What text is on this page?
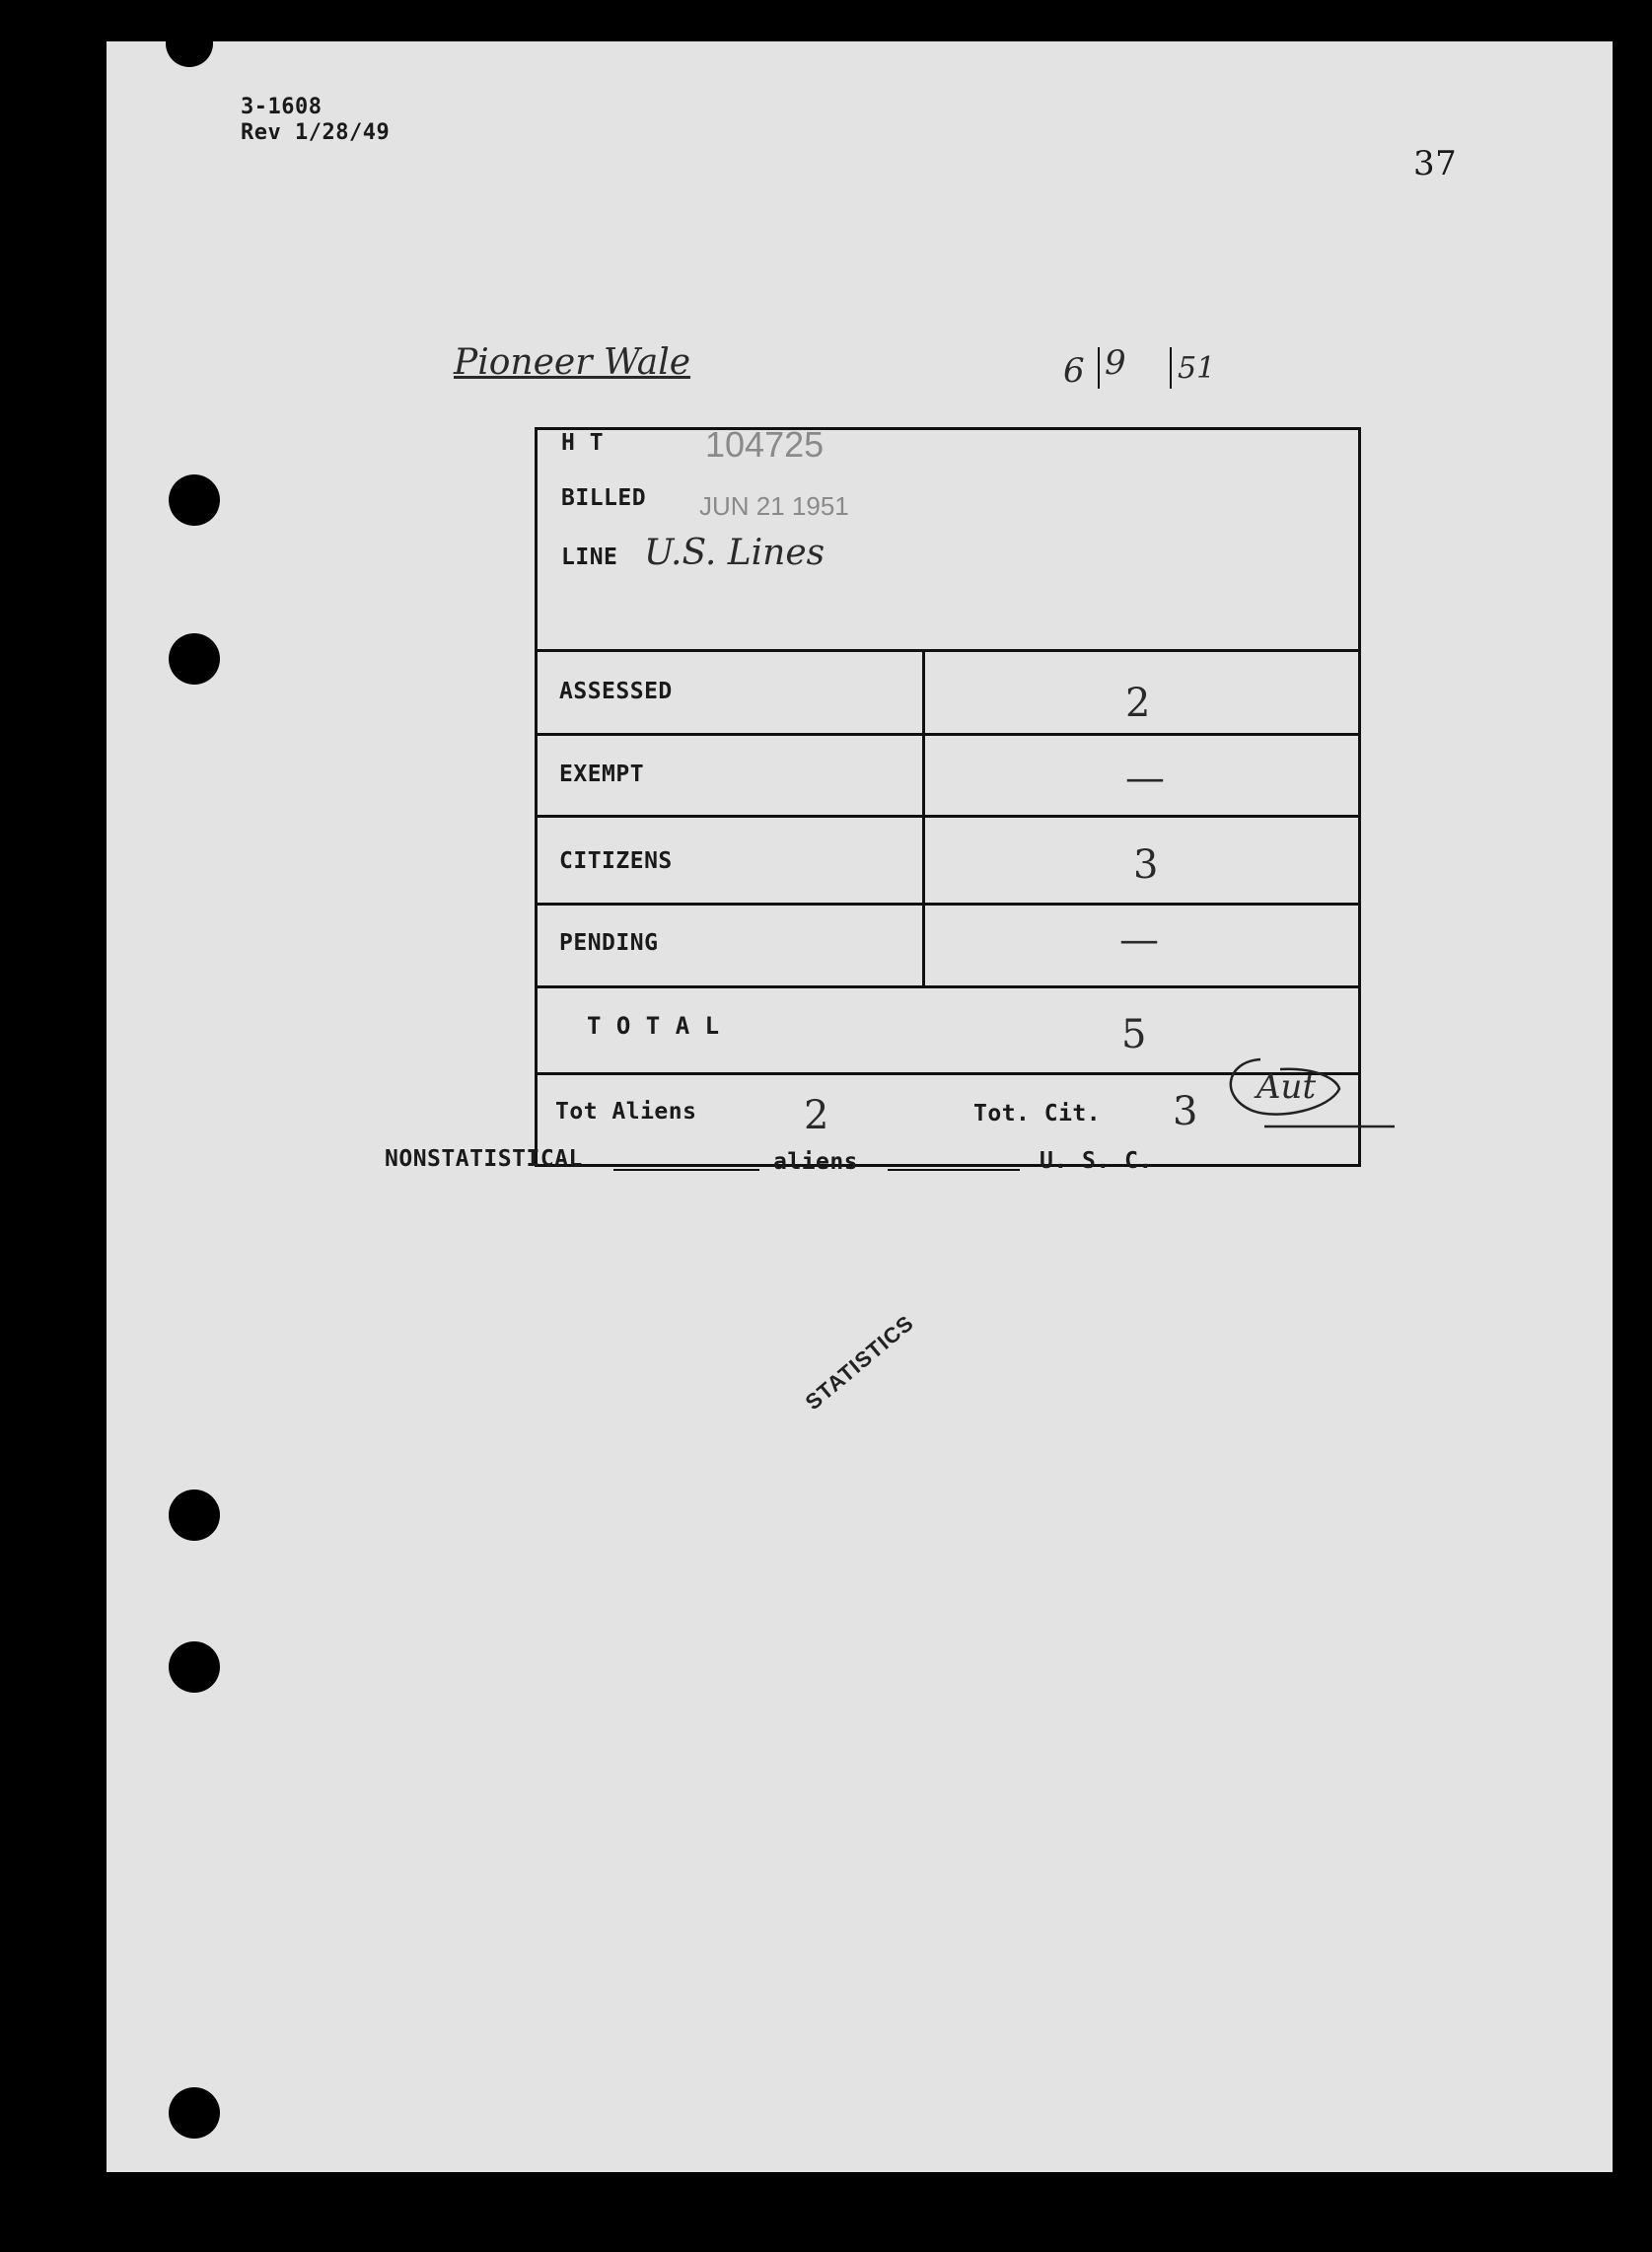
3-1608
Rev 1/28/49
37
Pioneer Wale	6 9 51
H T	104725
BILLED JUN 21 1951
LINE U.S. Lines
ASSESSED	2
EXEMPT	—
CITIZENS	3
PENDING	—
T O T A L	5
Tot Aliens	2	Tot. Cit. 3
Aut
NONSTATISTICAL	aliens	U. S. C.
STATISTICS
